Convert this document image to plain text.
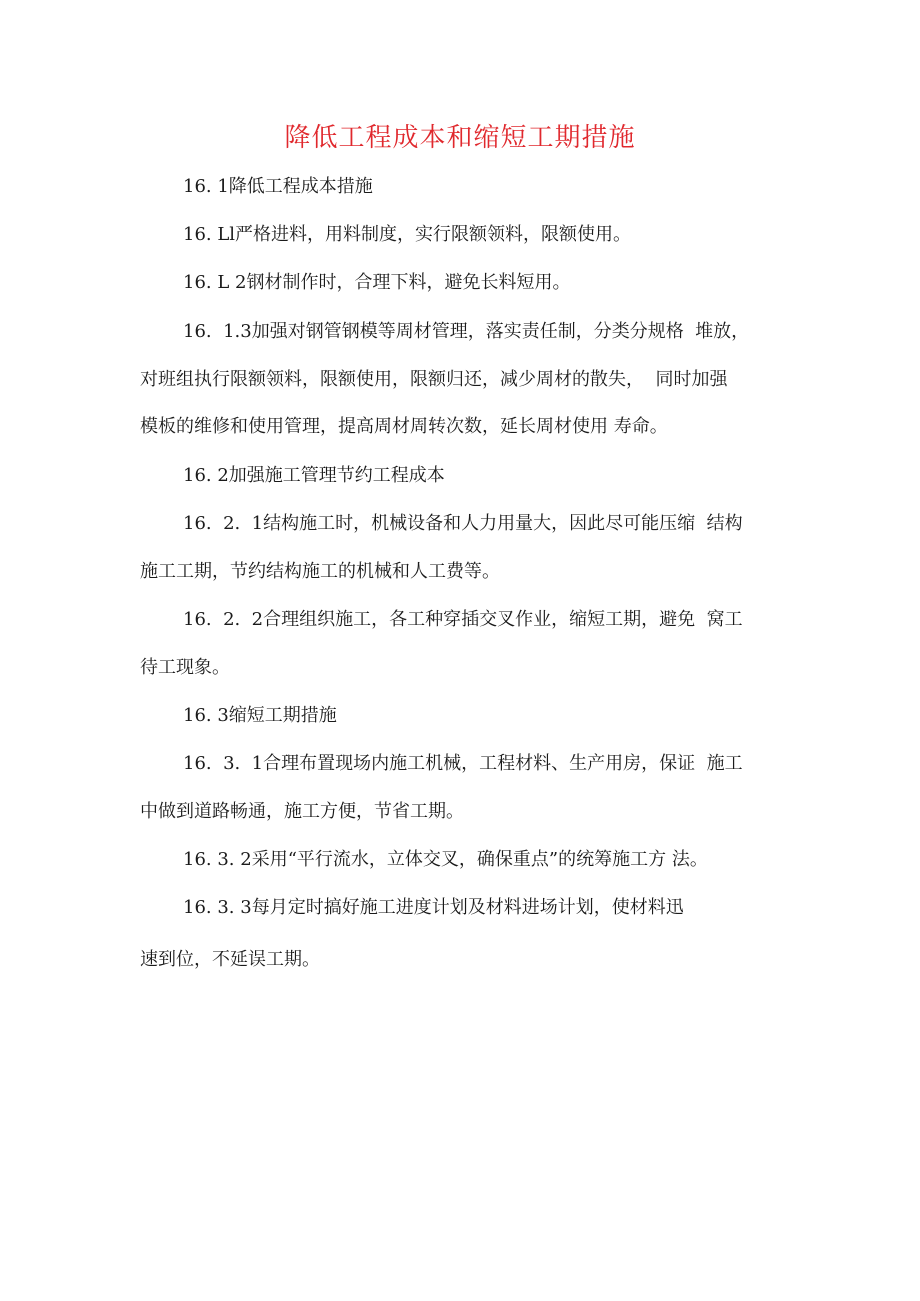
降低工程成本和缩短工期措施
16. 1降低工程成本措施
16. Ll严格进料，用料制度，实行限额领料，限额使用。
16. L 2钢材制作时，合理下料，避免长料短用。
16.  1.3加强对钢管钢模等周材管理，落实责任制，分类分规格  堆放，
对班组执行限额领料，限额使用，限额归还，减少周材的散失，  同时加强
模板的维修和使用管理，提高周材周转次数，延长周材使用 寿命。
16. 2加强施工管理节约工程成本
16.  2.  1结构施工时，机械设备和人力用量大，因此尽可能压缩  结构
施工工期，节约结构施工的机械和人工费等。
16.  2.  2合理组织施工，各工种穿插交叉作业，缩短工期，避免  窝工
待工现象。
16. 3缩短工期措施
16.  3.  1合理布置现场内施工机械，工程材料、生产用房，保证  施工
中做到道路畅通，施工方便，节省工期。
16. 3. 2采用“平行流水，立体交叉，确保重点”的统筹施工方 法。
16. 3. 3每月定时搞好施工进度计划及材料进场计划，使材料迅
速到位，不延误工期。
